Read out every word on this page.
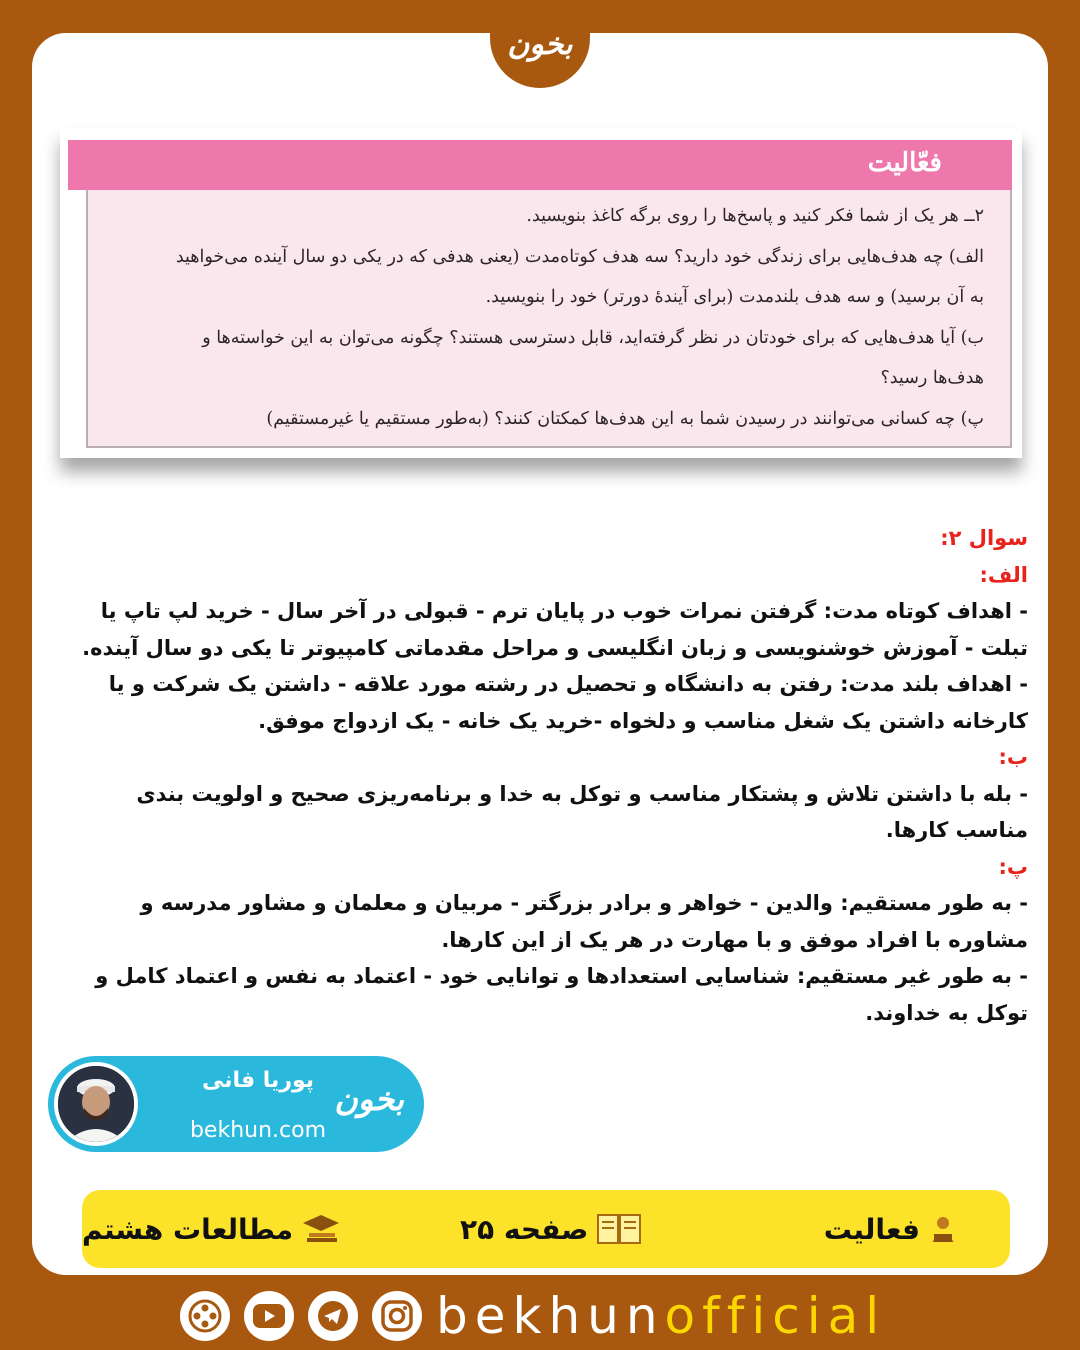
بخون
فعّالیت

۲ــ هر یک از شما فکر کنید و پاسخ‌ها را روی برگه کاغذ بنویسید.

الف) چه هدف‌هایی برای زندگی خود دارید؟ سه هدف کوتاه‌مدت (یعنی هدفی که در یکی دو سال آینده می‌خواهید

به آن برسید) و سه هدف بلندمدت (برای آیندهٔ دورتر) خود را بنویسید.

ب) آیا هدف‌هایی که برای خودتان در نظر گرفته‌اید، قابل دسترسی هستند؟ چگونه می‌توان به این خواسته‌ها و

هدف‌ها رسید؟

پ) چه کسانی می‌توانند در رسیدن شما به این هدف‌ها کمکتان کنند؟ (به‌طور مستقیم یا غیرمستقیم)

سوال ۲:

الف:

- اهداف کوتاه مدت: گرفتن نمرات خوب در پایان ترم - قبولی در آخر سال - خرید لپ تاپ یا تبلت - آموزش خوشنویسی و زبان انگلیسی و مراحل مقدماتی کامپیوتر تا یکی دو سال آینده.

- اهداف بلند مدت: رفتن به دانشگاه و تحصیل در رشته مورد علاقه - داشتن یک شرکت و یا کارخانه داشتن یک شغل مناسب و دلخواه -خرید یک خانه - یک ازدواج موفق.

ب:

- بله با داشتن تلاش و پشتکار مناسب و توکل به خدا و برنامه‌ریزی صحیح و اولویت بندی مناسب کارها.

پ:

- به طور مستقیم: والدین - خواهر و برادر بزرگتر - مربیان و معلمان و مشاور مدرسه و مشاوره با افراد موفق و با مهارت در هر یک از این کارها.

- به طور غیر مستقیم: شناسایی استعدادها و توانایی خود - اعتماد به نفس و اعتماد کامل و توکل به خداوند.

پوریا فانی
bekhun.com
بخون
فعالیت
صفحه ۲۵
مطالعات هشتم
bekhun official
